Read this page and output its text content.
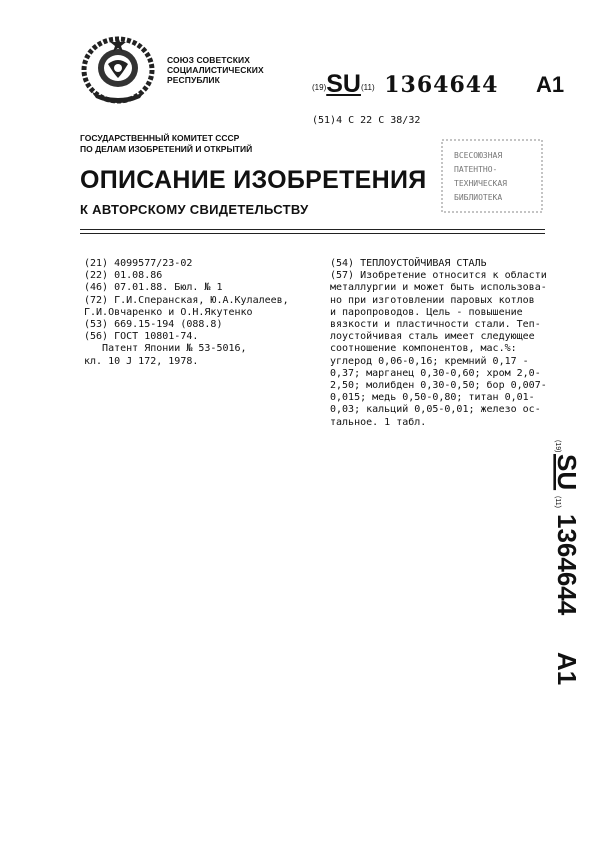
СОЮЗ СОВЕТСКИХ
СОЦИАЛИСТИЧЕСКИХ
РЕСПУБЛИК
(19)SU(11) 1364644 A1
(51)4 С 22 С 38/32
ГОСУДАРСТВЕННЫЙ КОМИТЕТ СССР
ПО ДЕЛАМ ИЗОБРЕТЕНИЙ И ОТКРЫТИЙ
ОПИСАНИЕ ИЗОБРЕТЕНИЯ
К АВТОРСКОМУ СВИДЕТЕЛЬСТВУ
ВСЕСОЮЗНАЯ
ПАТЕНТНО-
ТЕХНИЧЕСКАЯ
БИБЛИОТЕКА
(21) 4099577/23-02
(22) 01.08.86
(46) 07.01.88. Бюл. № 1
(72) Г.И.Сперанская, Ю.А.Кулалеев,
Г.И.Овчаренко и О.Н.Якутенко
(53) 669.15-194 (088.8)
(56) ГОСТ 10801-74.
Патент Японии № 53-5016,
кл. 10 J 172, 1978.
(54) ТЕПЛОУСТОЙЧИВАЯ СТАЛЬ
(57) Изобретение относится к области
металлургии и может быть использова-
но при изготовлении паровых котлов
и паропроводов. Цель - повышение
вязкости и пластичности стали. Теп-
лоустойчивая сталь имеет следующее
соотношение компонентов, мас.%:
углерод 0,06-0,16; кремний 0,17 -
0,37; марганец 0,30-0,60; хром 2,0-
2,50; молибден 0,30-0,50; бор 0,007-
0,015; медь 0,50-0,80; титан 0,01-
0,03; кальций 0,05-0,01; железо ос-
тальное. 1 табл.
(19)
SU
(11)
1364644
A1
